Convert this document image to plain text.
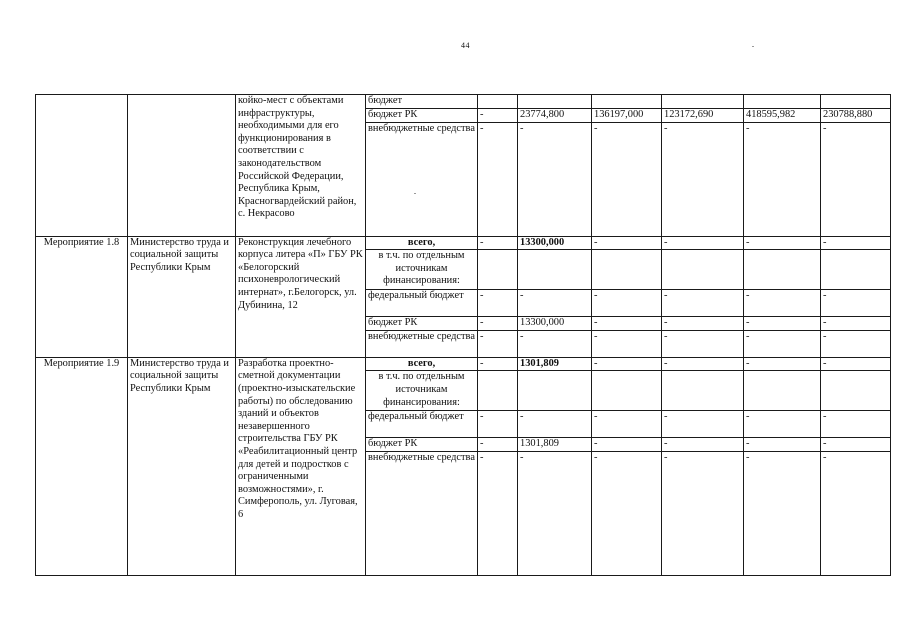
44
		койко-мест с объектами инфраструктуры, необходимыми для его функционирования в соответствии с законодательством Российской Федерации, Республика Крым, Красногвардейский район, с. Некрасово	бюджет						
			бюджет РК	-	23774,800	136197,000	123172,690	418595,982	230788,880
			внебюджетные средства	-	-	-	-	-	-
Мероприятие 1.8	Министерство труда и социальной защиты Республики Крым	Реконструкция лечебного корпуса литера «П» ГБУ РК «Белогорский психоневрологический интернат», г.Белогорск, ул. Дубинина, 12	всего,	-	13300,000	-	-	-	-
			в т.ч. по отдельным источникам финансирования:						
			федеральный бюджет	-	-	-	-	-	-
			бюджет РК	-	13300,000	-	-	-	-
			внебюджетные средства	-	-	-	-	-	-
Мероприятие 1.9	Министерство труда и социальной защиты Республики Крым	Разработка проектно-сметной документации (проектно-изыскательские работы) по обследованию зданий и объектов незавершенного строительства ГБУ РК «Реабилитационный центр для детей и подростков с ограниченными возможностями», г. Симферополь, ул. Луговая, 6	всего,	-	1301,809	-	-	-	-
			в т.ч. по отдельным источникам финансирования:						
			федеральный бюджет	-	-	-	-	-	-
			бюджет РК	-	1301,809	-	-	-	-
			внебюджетные средства	-	-	-	-	-	-
